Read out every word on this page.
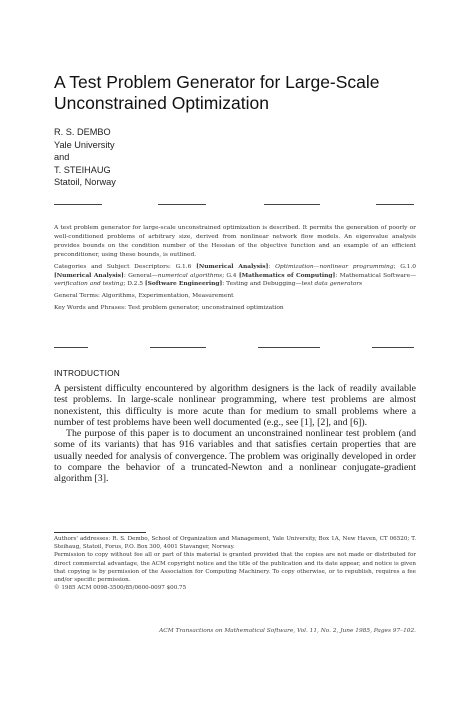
A Test Problem Generator for Large-Scale Unconstrained Optimization
R. S. DEMBO
Yale University
and
T. STEIHAUG
Statoil, Norway

A test problem generator for large-scale unconstrained optimization is described. It permits the generation of poorly or well-conditioned problems of arbitrary size, derived from nonlinear network flow models. An eigenvalue analysis provides bounds on the condition number of the Hessian of the objective function and an example of an efficient preconditioner, using these bounds, is outlined.

Categories and Subject Descriptors: G.1.6 [Numerical Analysis]: Optimization—nonlinear programming; G.1.0 [Numerical Analysis]: General—numerical algorithms; G.4 [Mathematics of Computing]: Mathematical Software—verification and testing; D.2.5 [Software Engineering]: Testing and Debugging—test data generators

General Terms: Algorithms, Experimentation, Measurement

Key Words and Phrases: Test problem generator, unconstrained optimization

INTRODUCTION

A persistent difficulty encountered by algorithm designers is the lack of readily available test problems. In large-scale nonlinear programming, where test problems are almost nonexistent, this difficulty is more acute than for medium to small problems where a number of test problems have been well documented (e.g., see [1], [2], and [6]).

The purpose of this paper is to document an unconstrained nonlinear test problem (and some of its variants) that has 916 variables and that satisfies certain properties that are usually needed for analysis of convergence. The problem was originally developed in order to compare the behavior of a truncated-Newton and a nonlinear conjugate-gradient algorithm [3].

Authors' addresses: R. S. Dembo, School of Organization and Management, Yale University, Box 1A, New Haven, CT 06520; T. Steihaug, Statoil, Forus, P.O. Box 300, 4001 Stavanger, Norway.

Permission to copy without fee all or part of this material is granted provided that the copies are not made or distributed for direct commercial advantage, the ACM copyright notice and the title of the publication and its date appear, and notice is given that copying is by permission of the Association for Computing Machinery. To copy otherwise, or to republish, requires a fee and/or specific permission.

© 1985 ACM 0098-3500/85/0600-0097 $00.75

ACM Transactions on Mathematical Software, Vol. 11, No. 2, June 1985, Pages 97–102.
